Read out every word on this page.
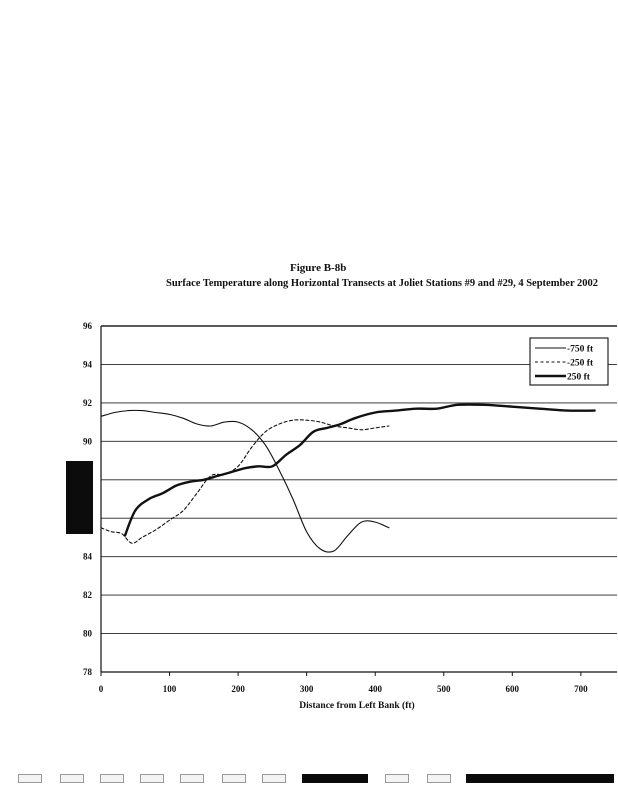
Figure B-8b
Surface Temperature along Horizontal Transects at Joliet Stations #9 and #29, 4 September 2002
78
80
82
84
90
92
94
96
0	100	200	300	400	500	600	700
-750 ft
-250 ft
250 ft
Distance from Left Bank (ft)
